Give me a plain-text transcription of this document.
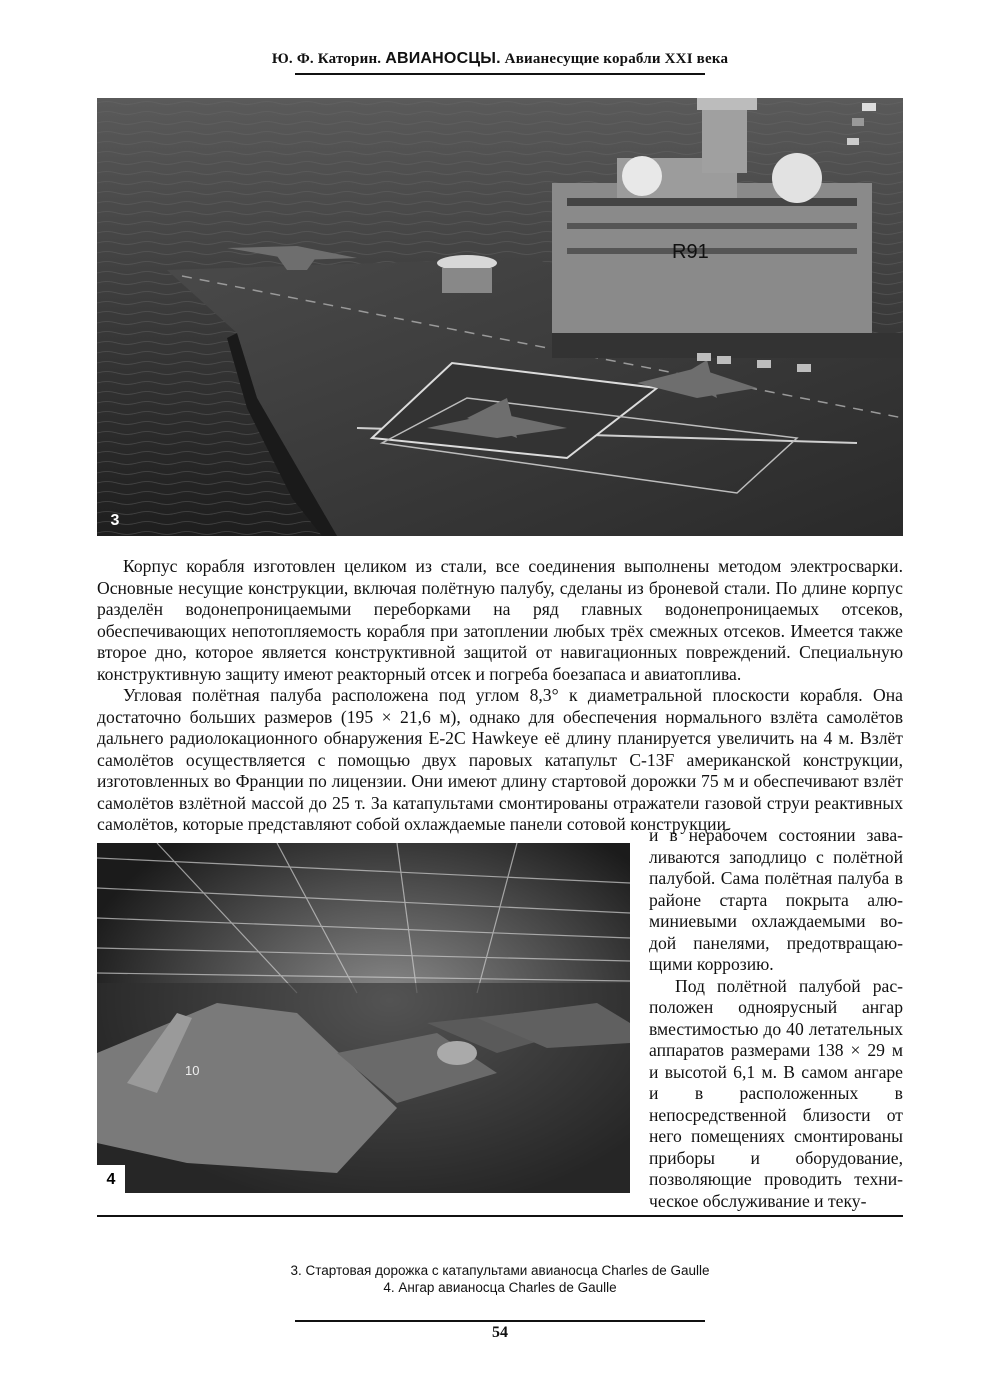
Ю. Ф. Каторин. АВИАНОСЦЫ. Авианесущие корабли XXI века
R91
3

Корпус корабля изготовлен целиком из стали, все соединения выполнены методом электросварки. Основные несущие конструкции, включая полётную палубу, сделаны из броневой стали. По длине корпус разделён водонепроницаемыми переборками на ряд главных водонепроницаемых отсеков, обеспечивающих непотопляемость корабля при затоплении любых трёх смежных отсеков. Имеется также второе дно, которое является конструктивной защитой от навигационных повреждений. Специальную конструктивную защиту имеют реакторный отсек и погреба боезапаса и авиатоплива.

Угловая полётная палуба расположена под углом 8,3° к диаметральной плоскости корабля. Она достаточно больших размеров (195 × 21,6 м), однако для обеспечения нормального взлёта самолётов дальнего радиолокационного обнаружения E-2C Hawkeye её длину планируется увеличить на 4 м. Взлёт самолётов осуществляется с помощью двух паровых катапульт С-13F американской конструкции, изготовленных во Франции по лицензии. Они имеют длину стартовой дорожки 75 м и обеспечивают взлёт самолётов взлётной массой до 25 т. За катапультами смонтированы отражатели газовой струи реактивных самолётов, которые представляют собой охлаждаемые панели сотовой конструкции

10
4

и в нерабочем состоянии заваливаются заподлицо с полётной палубой. Сама полётная палуба в районе старта покрыта алюминиевыми охлаждаемыми водой панелями, предотвращающими коррозию.

Под полётной палубой расположен одноярусный ангар вместимостью до 40 летательных аппаратов размерами 138 × 29 м и высотой 6,1 м. В самом ангаре и в расположенных в непосредственной близости от него помещениях смонтированы приборы и оборудование, позволяющие проводить техническое обслуживание и теку-

3. Стартовая дорожка с катапультами авианосца Charles de Gaulle
4. Ангар авианосца Charles de Gaulle
54
